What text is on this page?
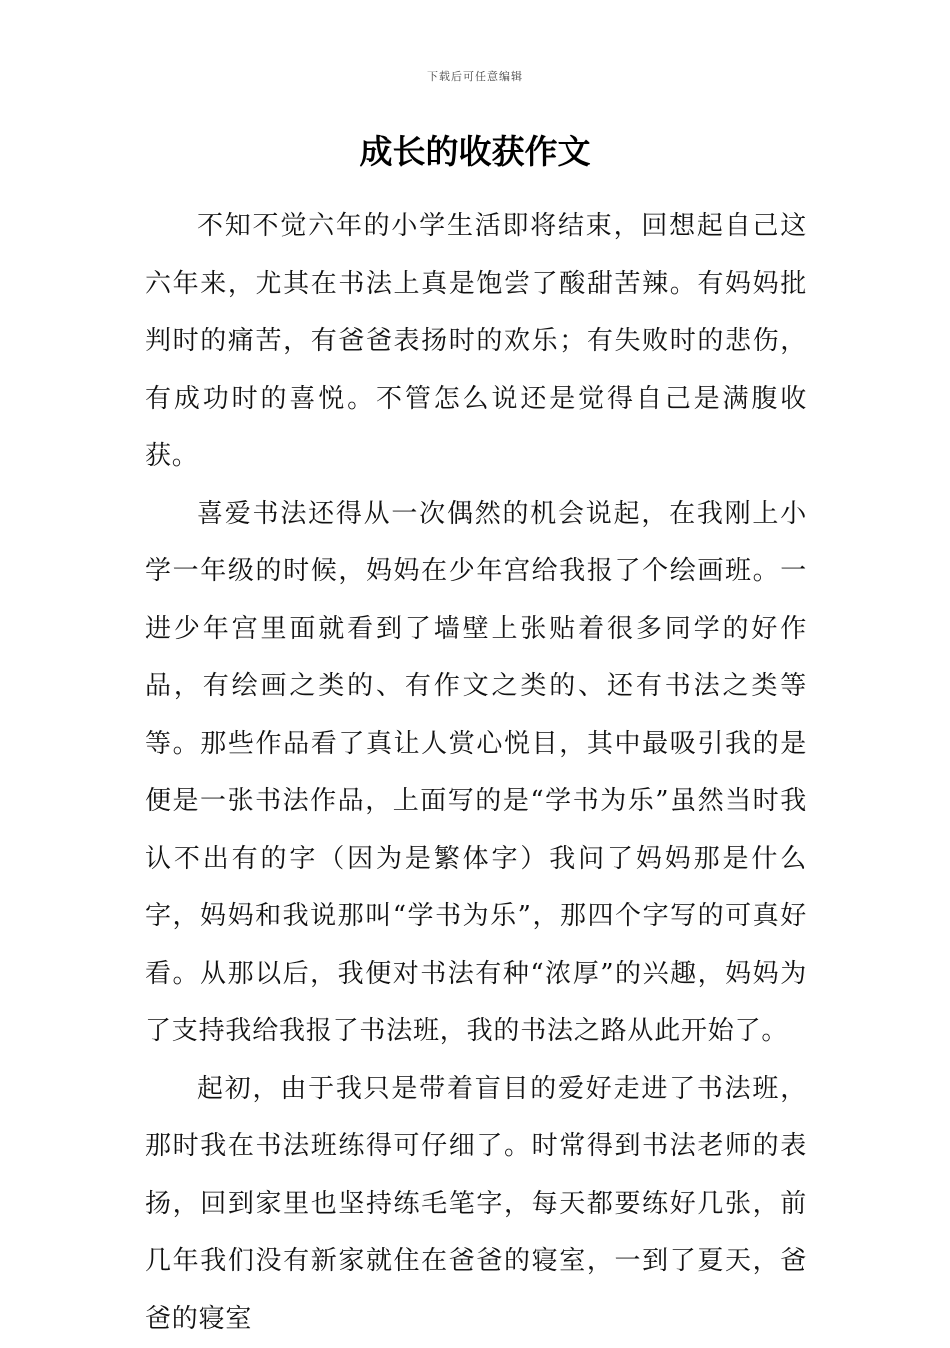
下载后可任意编辑
成长的收获作文

不知不觉六年的小学生活即将结束，回想起自己这六年来，尤其在书法上真是饱尝了酸甜苦辣。有妈妈批判时的痛苦，有爸爸表扬时的欢乐；有失败时的悲伤，有成功时的喜悦。不管怎么说还是觉得自己是满腹收获。

喜爱书法还得从一次偶然的机会说起，在我刚上小学一年级的时候，妈妈在少年宫给我报了个绘画班。一进少年宫里面就看到了墙壁上张贴着很多同学的好作品，有绘画之类的、有作文之类的、还有书法之类等等。那些作品看了真让人赏心悦目，其中最吸引我的是便是一张书法作品，上面写的是“学书为乐”虽然当时我认不出有的字（因为是繁体字）我问了妈妈那是什么字，妈妈和我说那叫“学书为乐”，那四个字写的可真好看。从那以后，我便对书法有种“浓厚”的兴趣，妈妈为了支持我给我报了书法班，我的书法之路从此开始了。

起初，由于我只是带着盲目的爱好走进了书法班，那时我在书法班练得可仔细了。时常得到书法老师的表扬，回到家里也坚持练毛笔字，每天都要练好几张，前几年我们没有新家就住在爸爸的寝室，一到了夏天，爸爸的寝室
